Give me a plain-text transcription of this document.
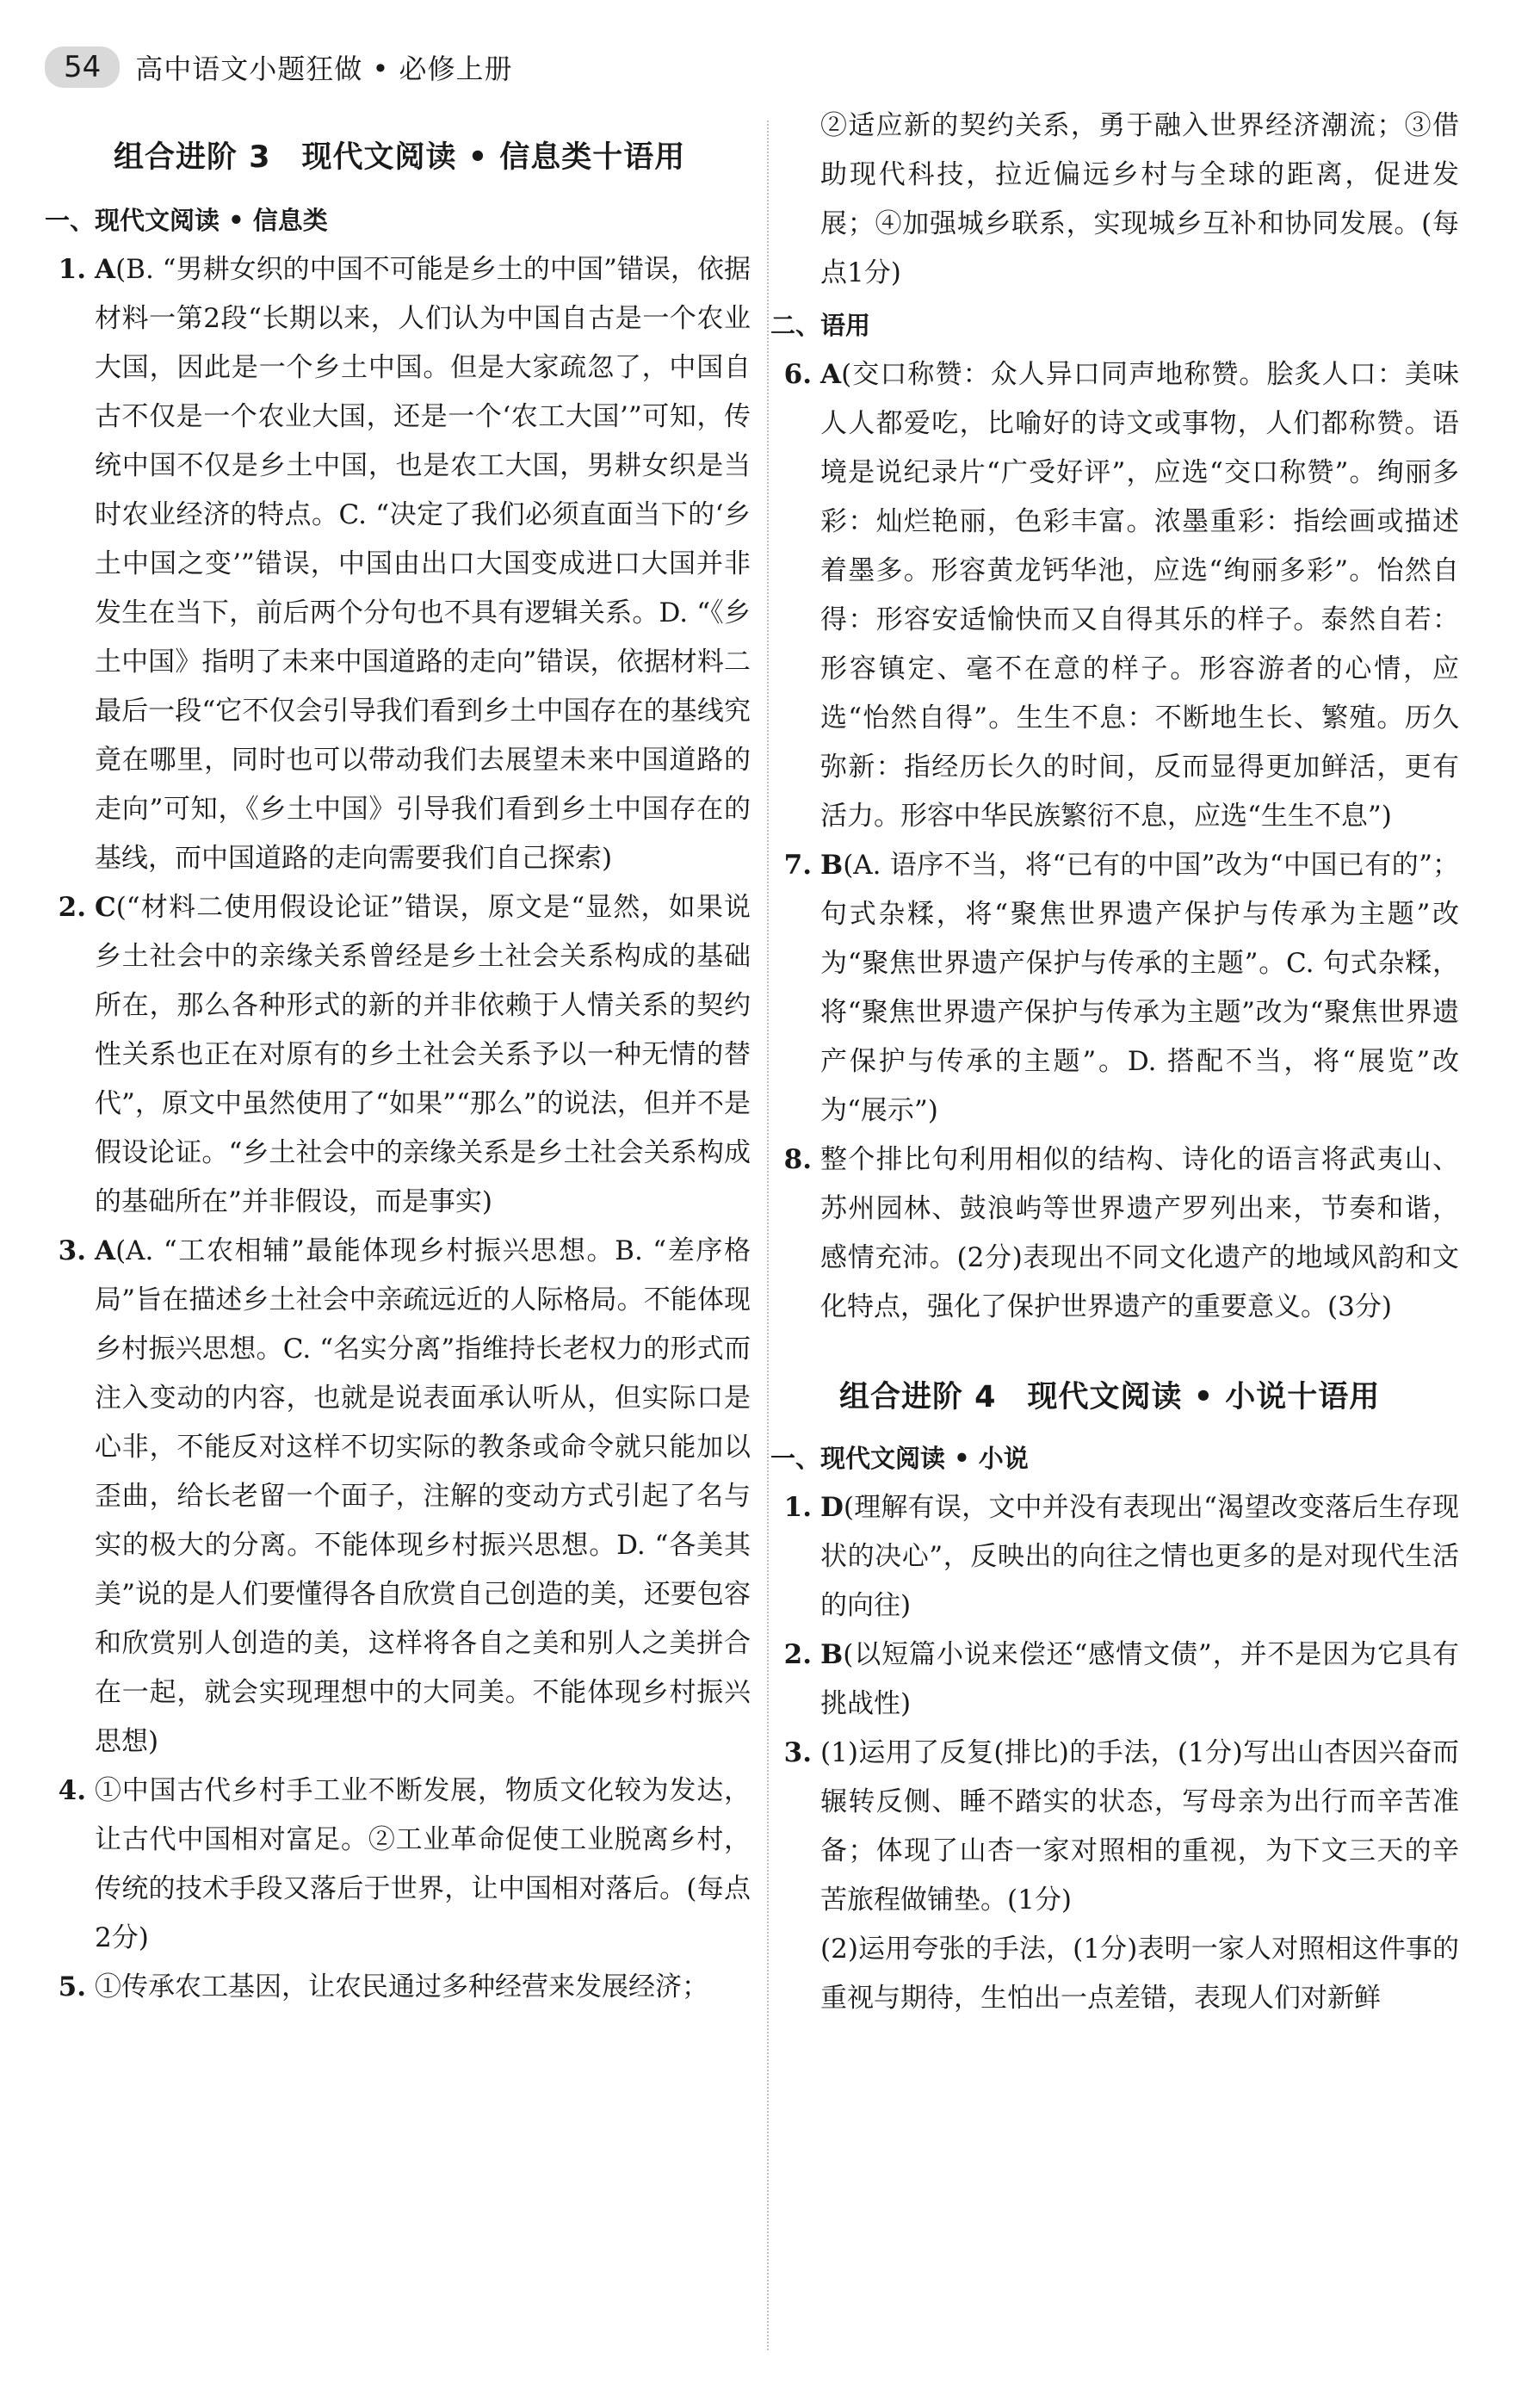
54	高中语文小题狂做 • 必修上册
组合进阶 3　现代文阅读 • 信息类十语用
一、现代文阅读 • 信息类
1. A(B. “男耕女织的中国不可能是乡土的中国”错误，依据材料一第2段“长期以来，人们认为中国自古是一个农业大国，因此是一个乡土中国。但是大家疏忽了，中国自古不仅是一个农业大国，还是一个‘农工大国’”可知，传统中国不仅是乡土中国，也是农工大国，男耕女织是当时农业经济的特点。C. “决定了我们必须直面当下的‘乡土中国之变’”错误，中国由出口大国变成进口大国并非发生在当下，前后两个分句也不具有逻辑关系。D. “《乡土中国》指明了未来中国道路的走向”错误，依据材料二最后一段“它不仅会引导我们看到乡土中国存在的基线究竟在哪里，同时也可以带动我们去展望未来中国道路的走向”可知，《乡土中国》引导我们看到乡土中国存在的基线，而中国道路的走向需要我们自己探索)
2. C(“材料二使用假设论证”错误，原文是“显然，如果说乡土社会中的亲缘关系曾经是乡土社会关系构成的基础所在，那么各种形式的新的并非依赖于人情关系的契约性关系也正在对原有的乡土社会关系予以一种无情的替代”，原文中虽然使用了“如果”“那么”的说法，但并不是假设论证。“乡土社会中的亲缘关系是乡土社会关系构成的基础所在”并非假设，而是事实)
3. A(A. “工农相辅”最能体现乡村振兴思想。B. “差序格局”旨在描述乡土社会中亲疏远近的人际格局。不能体现乡村振兴思想。C. “名实分离”指维持长老权力的形式而注入变动的内容，也就是说表面承认听从，但实际口是心非，不能反对这样不切实际的教条或命令就只能加以歪曲，给长老留一个面子，注解的变动方式引起了名与实的极大的分离。不能体现乡村振兴思想。D. “各美其美”说的是人们要懂得各自欣赏自己创造的美，还要包容和欣赏别人创造的美，这样将各自之美和别人之美拼合在一起，就会实现理想中的大同美。不能体现乡村振兴思想)
4. ①中国古代乡村手工业不断发展，物质文化较为发达，让古代中国相对富足。②工业革命促使工业脱离乡村，传统的技术手段又落后于世界，让中国相对落后。(每点2分)
5. ①传承农工基因，让农民通过多种经营来发展经济；
②适应新的契约关系，勇于融入世界经济潮流；③借助现代科技，拉近偏远乡村与全球的距离，促进发展；④加强城乡联系，实现城乡互补和协同发展。(每点1分)
二、语用
6. A(交口称赞：众人异口同声地称赞。脍炙人口：美味人人都爱吃，比喻好的诗文或事物，人们都称赞。语境是说纪录片“广受好评”，应选“交口称赞”。绚丽多彩：灿烂艳丽，色彩丰富。浓墨重彩：指绘画或描述着墨多。形容黄龙钙华池，应选“绚丽多彩”。怡然自得：形容安适愉快而又自得其乐的样子。泰然自若：形容镇定、毫不在意的样子。形容游者的心情，应选“怡然自得”。生生不息：不断地生长、繁殖。历久弥新：指经历长久的时间，反而显得更加鲜活，更有活力。形容中华民族繁衍不息，应选“生生不息”)
7. B(A. 语序不当，将“已有的中国”改为“中国已有的”；句式杂糅，将“聚焦世界遗产保护与传承为主题”改为“聚焦世界遗产保护与传承的主题”。C. 句式杂糅，将“聚焦世界遗产保护与传承为主题”改为“聚焦世界遗产保护与传承的主题”。D. 搭配不当，将“展览”改为“展示”)
8. 整个排比句利用相似的结构、诗化的语言将武夷山、苏州园林、鼓浪屿等世界遗产罗列出来，节奏和谐，感情充沛。(2分)表现出不同文化遗产的地域风韵和文化特点，强化了保护世界遗产的重要意义。(3分)
组合进阶 4　现代文阅读 • 小说十语用
一、现代文阅读 • 小说
1. D(理解有误，文中并没有表现出“渴望改变落后生存现状的决心”，反映出的向往之情也更多的是对现代生活的向往)
2. B(以短篇小说来偿还“感情文债”，并不是因为它具有挑战性)
3. (1)运用了反复(排比)的手法，(1分)写出山杏因兴奋而辗转反侧、睡不踏实的状态，写母亲为出行而辛苦准备；体现了山杏一家对照相的重视，为下文三天的辛苦旅程做铺垫。(1分)
(2)运用夸张的手法，(1分)表明一家人对照相这件事的重视与期待，生怕出一点差错，表现人们对新鲜
